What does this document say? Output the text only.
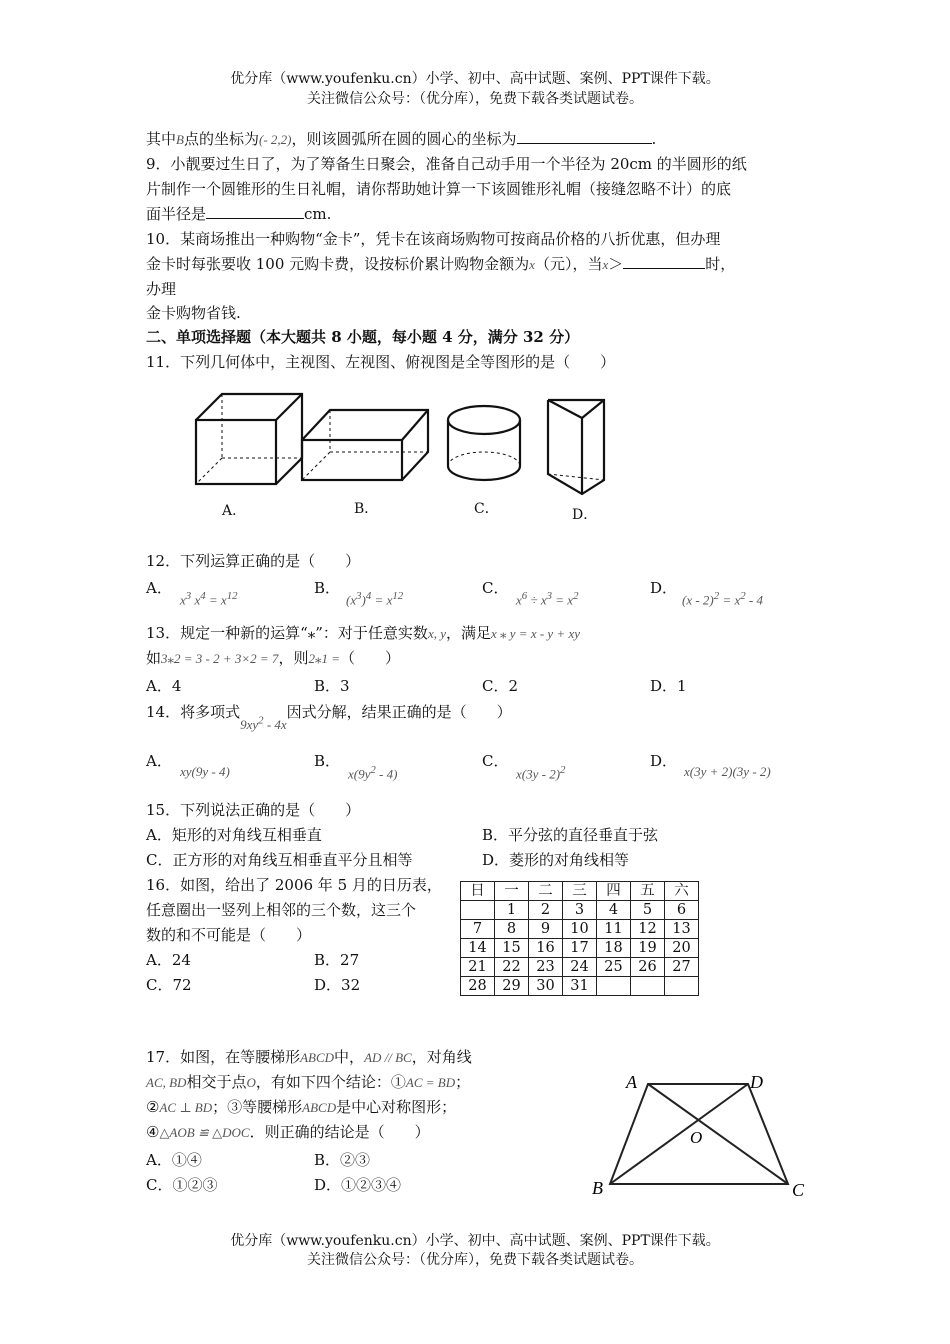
优分库（www.youfenku.cn）小学、初中、高中试题、案例、PPT课件下载。
关注微信公众号：（优分库），免费下载各类试题试卷。
其中B点的坐标为(- 2,2)，则该圆弧所在圆的圆心的坐标为	.
9．小靓要过生日了，为了筹备生日聚会，准备自己动手用一个半径为 20cm 的半圆形的纸
片制作一个圆锥形的生日礼帽，请你帮助她计算一下该圆锥形礼帽（接缝忽略不计）的底
面半径是	cm.
10．某商场推出一种购物“金卡”，凭卡在该商场购物可按商品价格的八折优惠，但办理
金卡时每张要收 100 元购卡费，设按标价累计购物金额为x（元），当x＞	时，
办理
金卡购物省钱.
二、单项选择题（本大题共 8 小题，每小题 4 分，满分 32 分）
11．下列几何体中，主视图、左视图、俯视图是全等图形的是（　　）
A．	B．	C．	D．
12．下列运算正确的是（　　）
A．
$x^3$ $x^4 = x^{12}$	B．
$(x^3)^4 = x^{12}$	C．
$x^6 \div x^3 = x^2$	D．
$(x - 2)^2 = x^2 - 4$
13．规定一种新的运算“⁎”：对于任意实数x, y，满足x ⁎ y = x - y + xy
如3⁎2 = 3 - 2 + 3×2 = 7，则2⁎1 =（　　）
A．4	B．3	C．2	D．1
14．将多项式$9xy^2 - 4x$因式分解，结果正确的是（　　）
A．
xy(9y - 4)
B．
$x(9y^2 - 4)$
C．
x(3y - 2)$^2$	D．
x(3y + 2)(3y - 2)
15．下列说法正确的是（　　）
A．矩形的对角线互相垂直	B．平分弦的直径垂直于弦
C．正方形的对角线互相垂直平分且相等	D．菱形的对角线相等
16．如图，给出了 2006 年 5 月的日历表，
任意圈出一竖列上相邻的三个数，这三个
数的和不可能是（　　）
A．24	B．27
C．72	D．32
日	一	二	三	四	五	六
	1	2	3	4	5	6
7	8	9	10	11	12	13
14	15	16	17	18	19	20
21	22	23	24	25	26	27
28	29	30	31			
17．如图，在等腰梯形ABCD中，AD // BC，对角线
AC, BD相交于点O，有如下四个结论：①AC = BD；
②AC ⊥ BD；③等腰梯形ABCD是中心对称图形；
④△AOB ≌ △DOC．则正确的结论是（　　）
A．①④	B．②③
C．①②③	D．①②③④
A	D
O
B	C
优分库（www.youfenku.cn）小学、初中、高中试题、案例、PPT课件下载。
关注微信公众号：（优分库），免费下载各类试题试卷。
